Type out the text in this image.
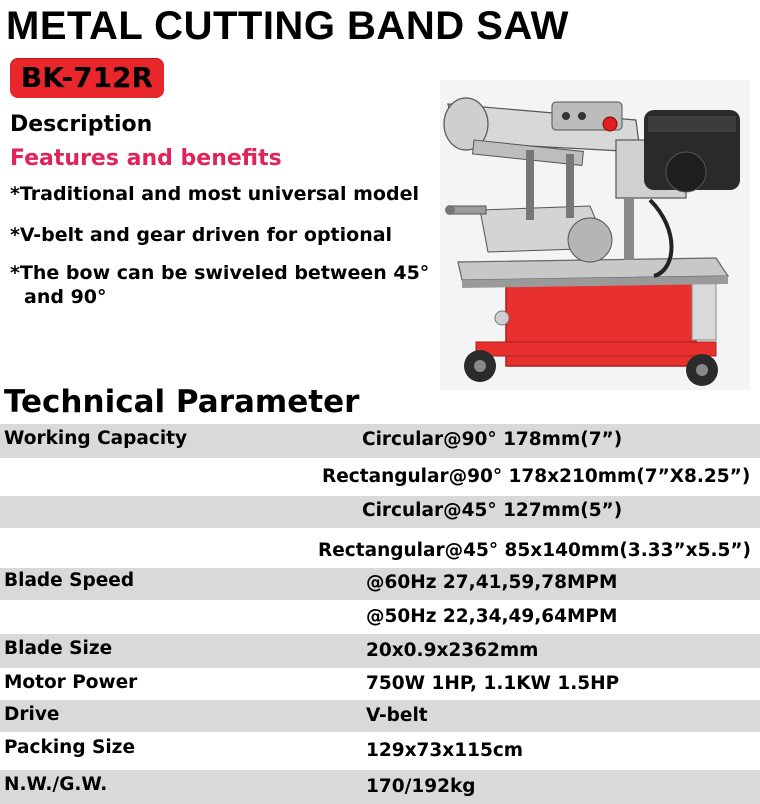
METAL CUTTING BAND SAW
BK-712R
Description
Features and benefits
*Traditional and most universal model
*V-belt and gear driven for optional
*The bow can be swiveled between 45°
and 90°
Technical Parameter
Working Capacity	Circular@90° 178mm(7”)
Rectangular@90° 178x210mm(7”X8.25”)
Circular@45° 127mm(5”)
Rectangular@45° 85x140mm(3.33”x5.5”)
Blade Speed	@60Hz 27,41,59,78MPM
@50Hz 22,34,49,64MPM
Blade Size	20x0.9x2362mm
Motor Power	750W 1HP, 1.1KW 1.5HP
Drive	V-belt
Packing Size	129x73x115cm
N.W./G.W.	170/192kg
